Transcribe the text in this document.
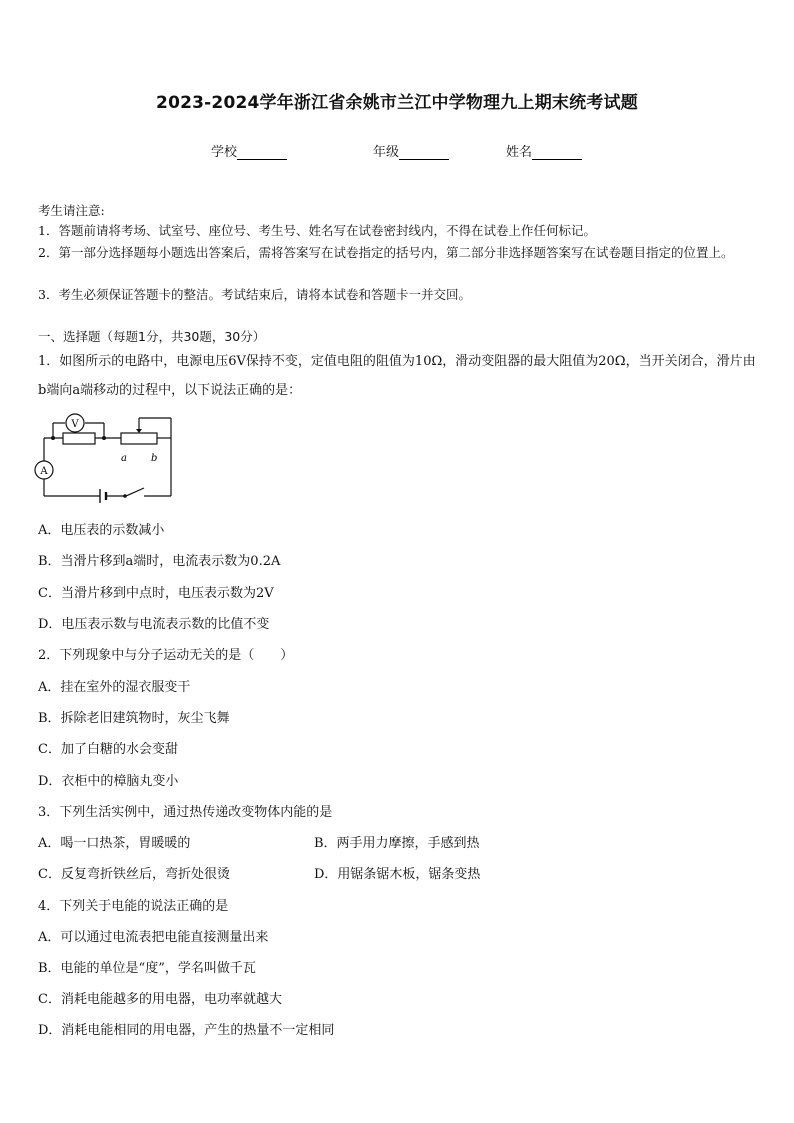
2023-2024学年浙江省余姚市兰江中学物理九上期末统考试题
学校	年级	姓名
考生请注意:
1．答题前请将考场、试室号、座位号、考生号、姓名写在试卷密封线内，不得在试卷上作任何标记。
2．第一部分选择题每小题选出答案后，需将答案写在试卷指定的括号内，第二部分非选择题答案写在试卷题目指定的位置上。
3．考生必须保证答题卡的整洁。考试结束后，请将本试卷和答题卡一并交回。
一、选择题（每题1分，共30题，30分）
1．如图所示的电路中，电源电压6V保持不变，定值电阻的阻值为10Ω，滑动变阻器的最大阻值为20Ω，当开关闭合，滑片由b端向a端移动的过程中，以下说法正确的是：
V
A
a b
A．电压表的示数减小
B．当滑片移到a端时，电流表示数为0.2A
C．当滑片移到中点时，电压表示数为2V
D．电压表示数与电流表示数的比值不变
2．下列现象中与分子运动无关的是（　　）
A．挂在室外的湿衣服变干
B．拆除老旧建筑物时，灰尘飞舞
C．加了白糖的水会变甜
D．衣柜中的樟脑丸变小
3．下列生活实例中，通过热传递改变物体内能的是
A．喝一口热茶，胃暖暖的	B．两手用力摩擦，手感到热
C．反复弯折铁丝后，弯折处很烫	D．用锯条锯木板，锯条变热
4．下列关于电能的说法正确的是
A．可以通过电流表把电能直接测量出来
B．电能的单位是“度”，学名叫做千瓦
C．消耗电能越多的用电器，电功率就越大
D．消耗电能相同的用电器，产生的热量不一定相同
